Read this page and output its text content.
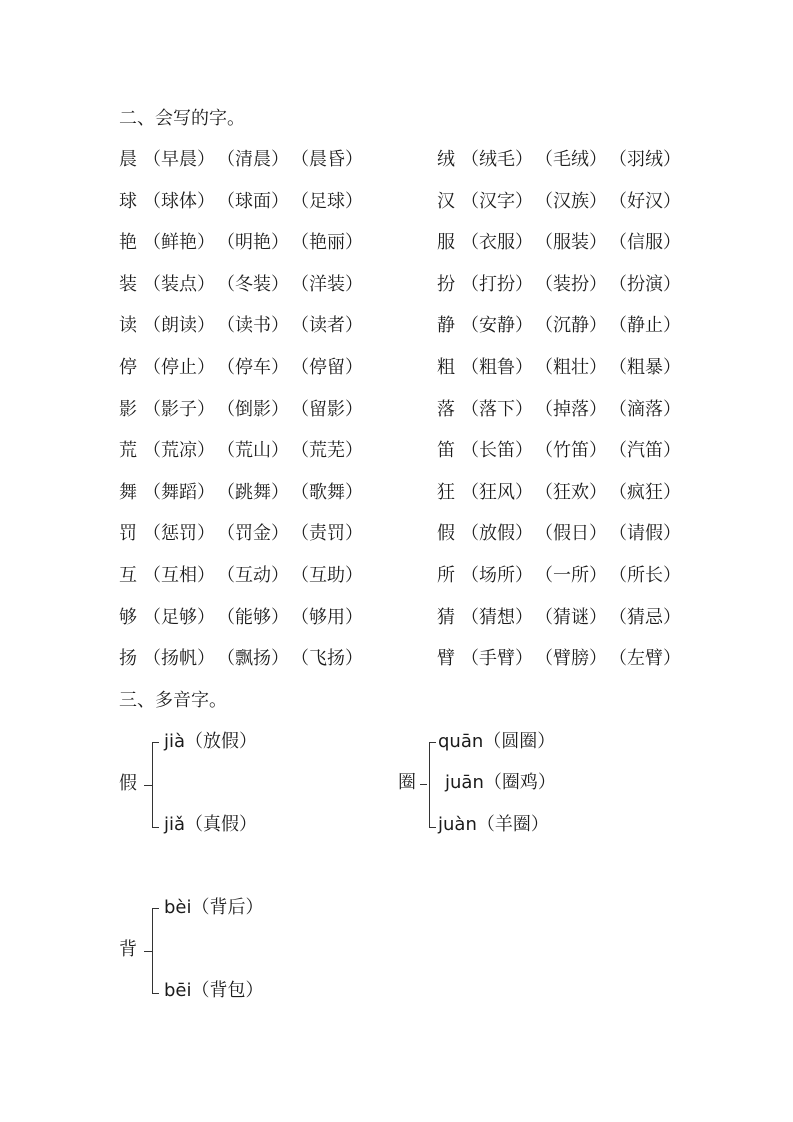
二、会写的字。
晨 （早晨） （清晨） （晨昏）
球 （球体） （球面） （足球）
艳 （鲜艳） （明艳） （艳丽）
装 （装点） （冬装） （洋装）
读 （朗读） （读书） （读者）
停 （停止） （停车） （停留）
影 （影子） （倒影） （留影）
荒 （荒凉） （荒山） （荒芜）
舞 （舞蹈） （跳舞） （歌舞）
罚 （惩罚） （罚金） （责罚）
互 （互相） （互动） （互助）
够 （足够） （能够） （够用）
扬 （扬帆） （飘扬） （飞扬）
绒 （绒毛） （毛绒） （羽绒）
汉 （汉字） （汉族） （好汉）
服 （衣服） （服装） （信服）
扮 （打扮） （装扮） （扮演）
静 （安静） （沉静） （静止）
粗 （粗鲁） （粗壮） （粗暴）
落 （落下） （掉落） （滴落）
笛 （长笛） （竹笛） （汽笛）
狂 （狂风） （狂欢） （疯狂）
假 （放假） （假日） （请假）
所 （场所） （一所） （所长）
猜 （猜想） （猜谜） （猜忌）
臂 （手臂） （臂膀） （左臂）
三、多音字。
假
jià（放假）
jiǎ（真假）
圈
quān（圆圈）
juān（圈鸡）
juàn（羊圈）
背
bèi（背后）
bēi（背包）
